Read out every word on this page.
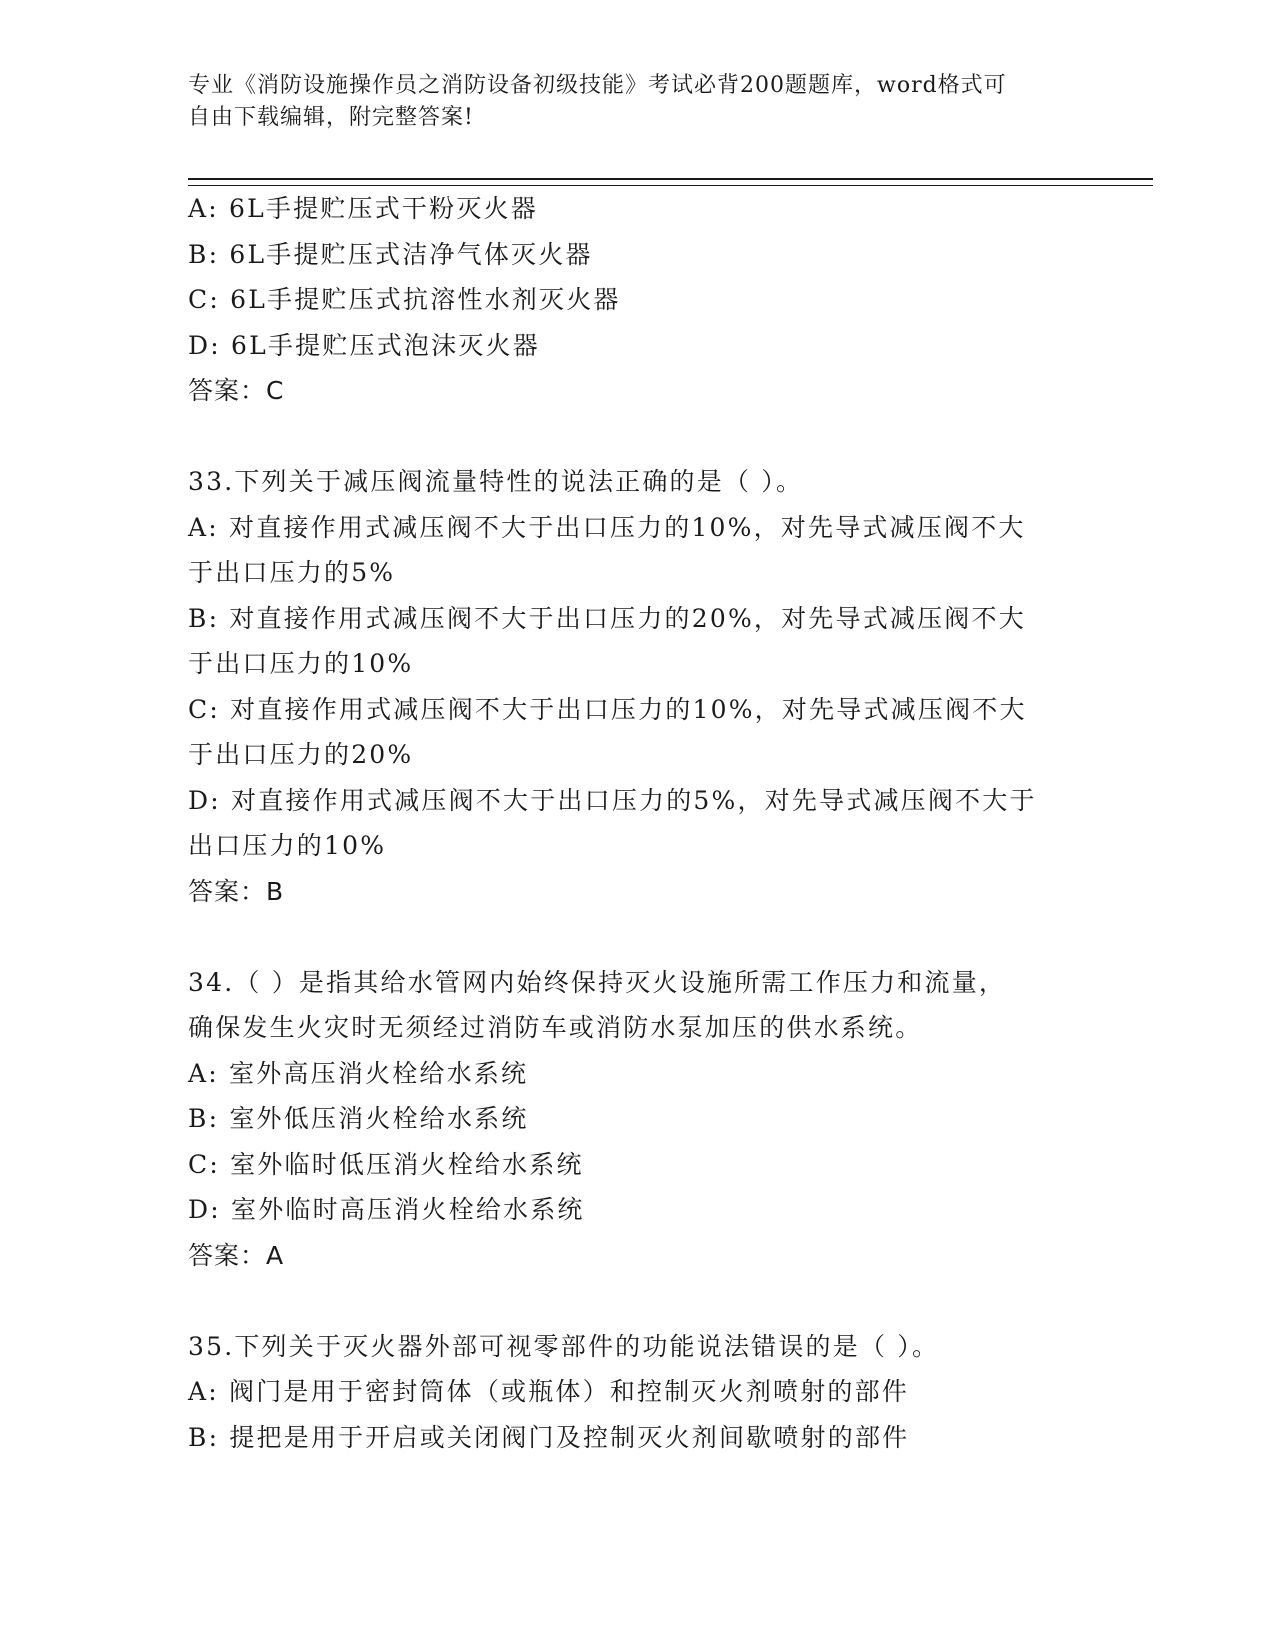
专业《消防设施操作员之消防设备初级技能》考试必背200题题库，word格式可
自由下载编辑，附完整答案!
A: 6L手提贮压式干粉灭火器
B: 6L手提贮压式洁净气体灭火器
C: 6L手提贮压式抗溶性水剂灭火器
D: 6L手提贮压式泡沫灭火器
答案：C
33.下列关于减压阀流量特性的说法正确的是（ ）。
A: 对直接作用式减压阀不大于出口压力的10%，对先导式减压阀不大
于出口压力的5%
B: 对直接作用式减压阀不大于出口压力的20%，对先导式减压阀不大
于出口压力的10%
C: 对直接作用式减压阀不大于出口压力的10%，对先导式减压阀不大
于出口压力的20%
D: 对直接作用式减压阀不大于出口压力的5%，对先导式减压阀不大于
出口压力的10%
答案：B
34.（ ）是指其给水管网内始终保持灭火设施所需工作压力和流量，
确保发生火灾时无须经过消防车或消防水泵加压的供水系统。
A: 室外高压消火栓给水系统
B: 室外低压消火栓给水系统
C: 室外临时低压消火栓给水系统
D: 室外临时高压消火栓给水系统
答案：A
35.下列关于灭火器外部可视零部件的功能说法错误的是（ ）。
A: 阀门是用于密封筒体（或瓶体）和控制灭火剂喷射的部件
B: 提把是用于开启或关闭阀门及控制灭火剂间歇喷射的部件
